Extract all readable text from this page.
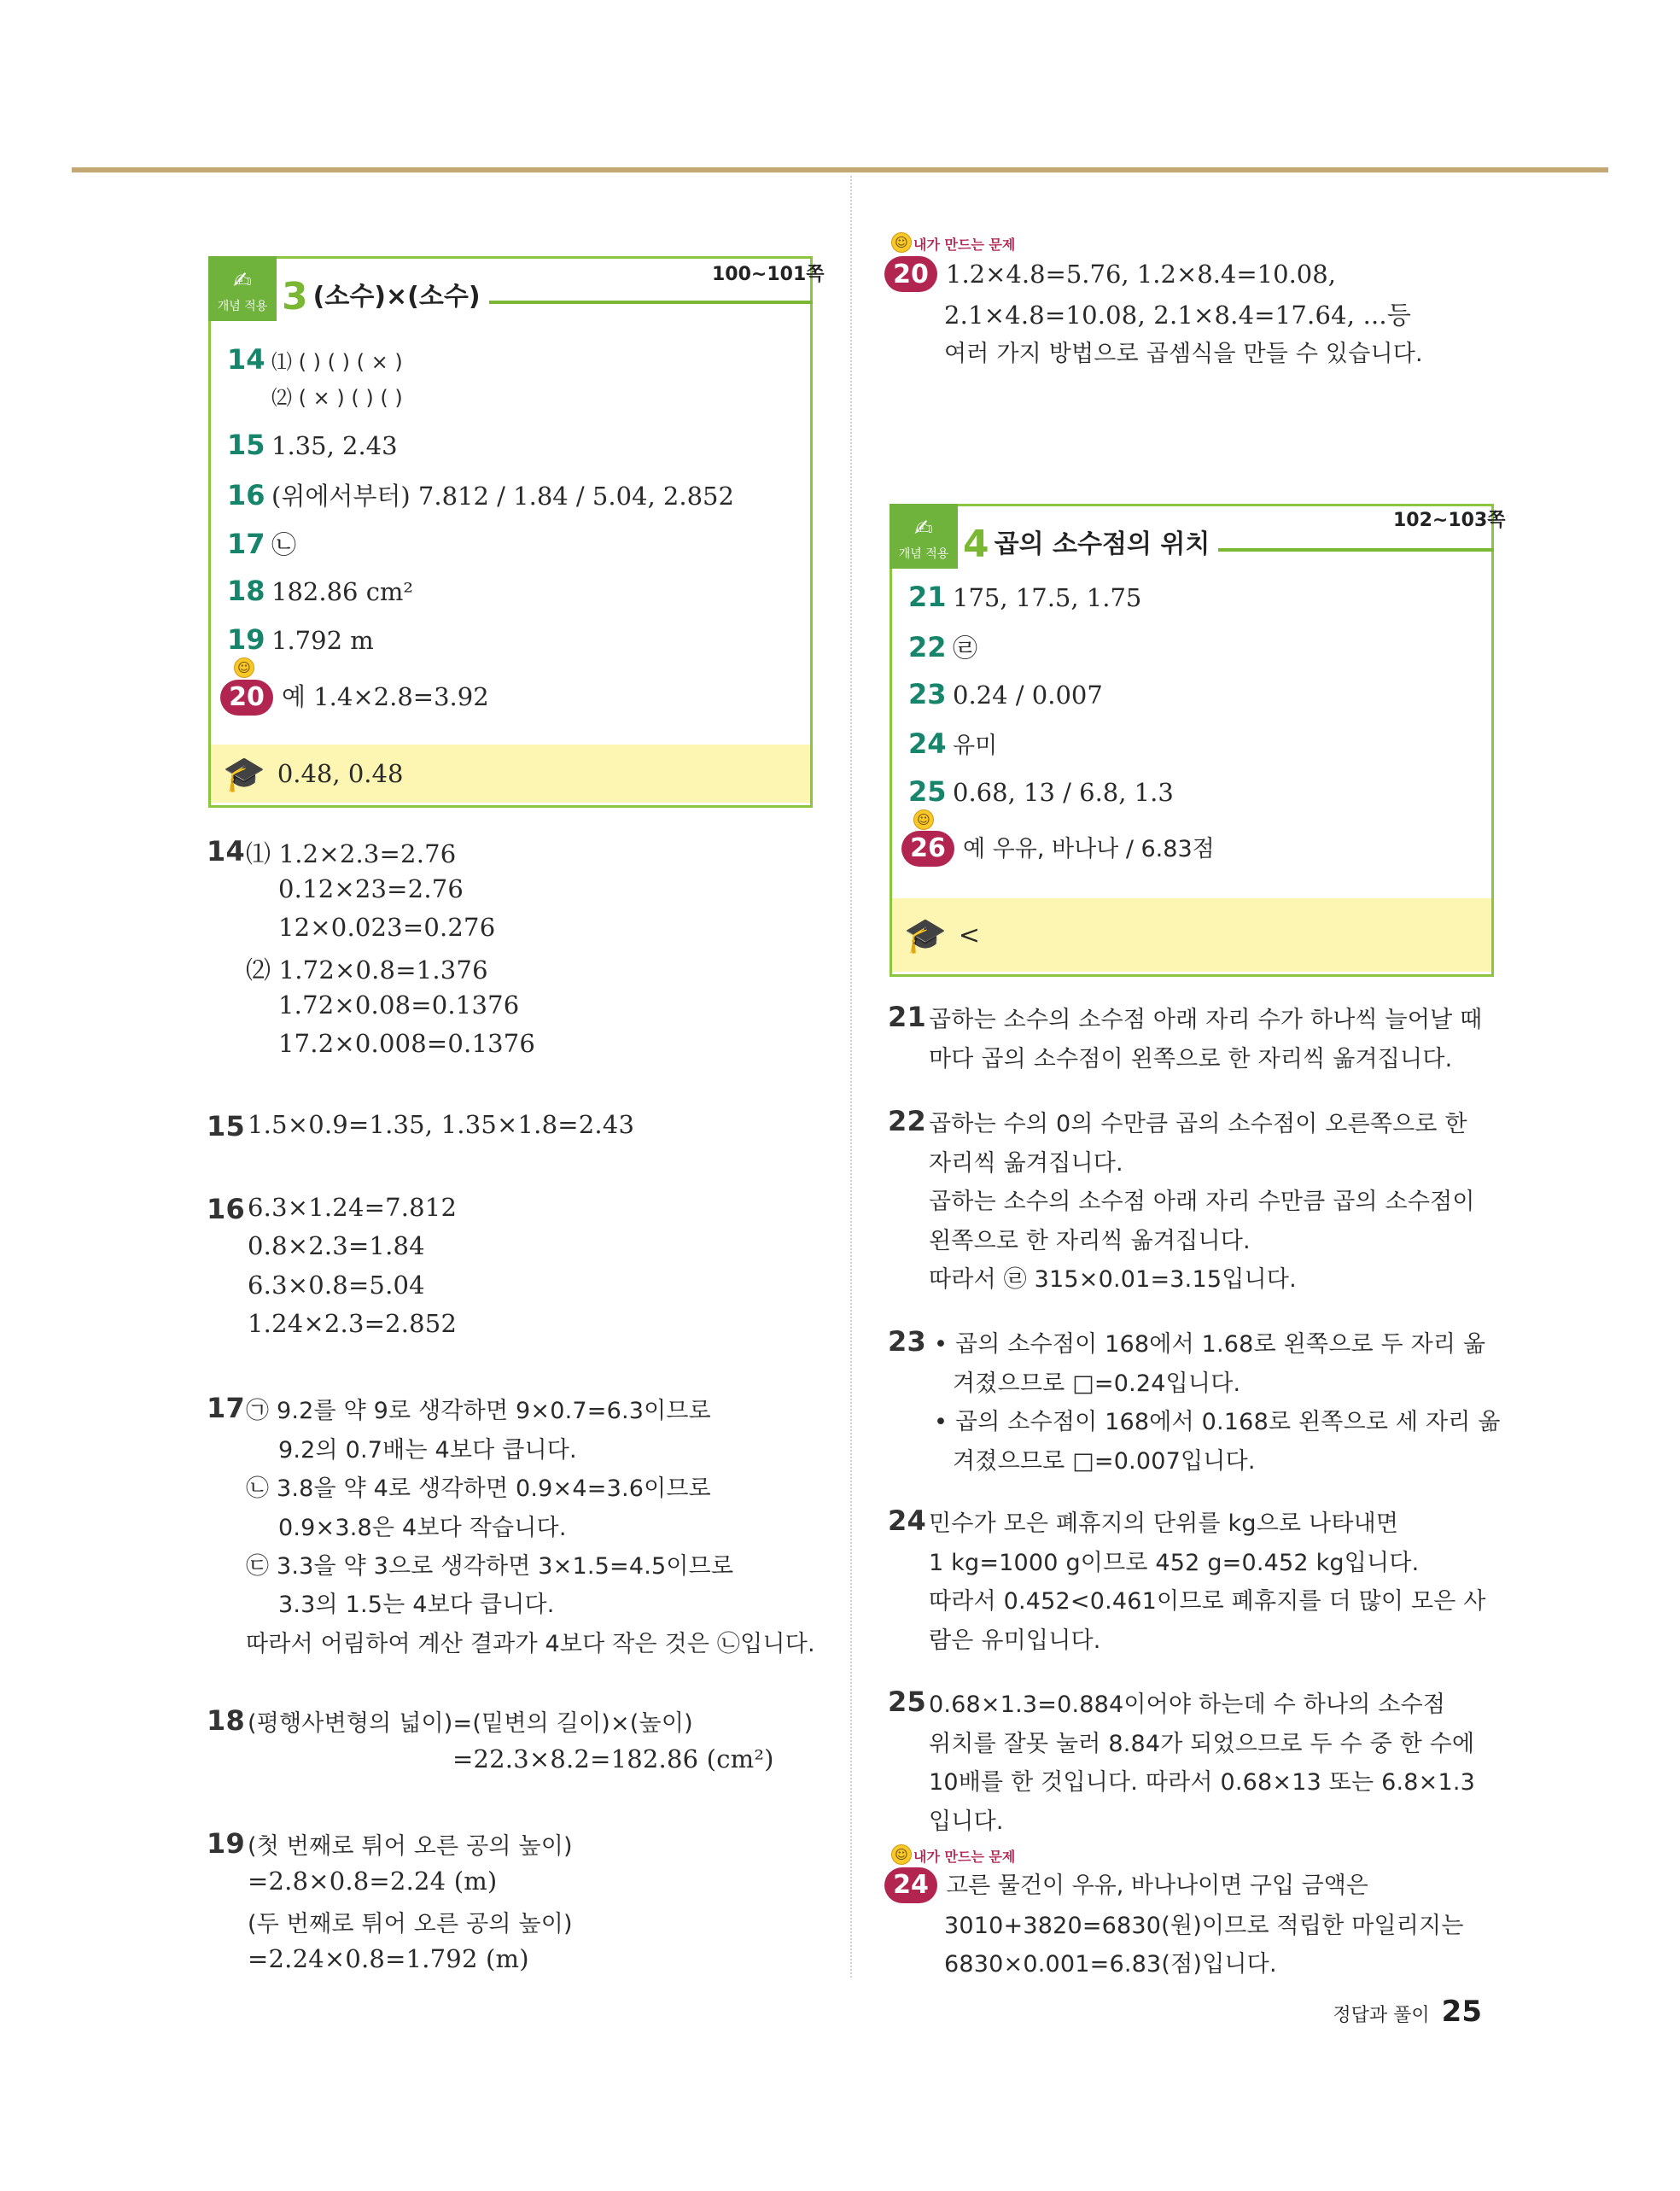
✍
개념 적용 3 (소수)×(소수)
100~101쪽
14 ⑴ ( ) ( ) ( × )
⑵ ( × ) ( ) ( )
15 1.35, 2.43
16 (위에서부터) 7.812 / 1.84 / 5.04, 2.852
17 ㉡
18 182.86 cm²
19 1.792 m
☺
20 예 1.4×2.8=3.92
🎓 0.48, 0.48
14 ⑴ 1.2×2.3=2.76
0.12×23=2.76
12×0.023=0.276
⑵ 1.72×0.8=1.376
1.72×0.08=0.1376
17.2×0.008=0.1376
15 1.5×0.9=1.35, 1.35×1.8=2.43
16 6.3×1.24=7.812
0.8×2.3=1.84
6.3×0.8=5.04
1.24×2.3=2.852
17 ㉠ 9.2를 약 9로 생각하면 9×0.7=6.3이므로
9.2의 0.7배는 4보다 큽니다.
㉡ 3.8을 약 4로 생각하면 0.9×4=3.6이므로
0.9×3.8은 4보다 작습니다.
㉢ 3.3을 약 3으로 생각하면 3×1.5=4.5이므로
3.3의 1.5는 4보다 큽니다.
따라서 어림하여 계산 결과가 4보다 작은 것은 ㉡입니다.
18 (평행사변형의 넓이)=(밑변의 길이)×(높이)
=22.3×8.2=182.86 (cm²)
19 (첫 번째로 튀어 오른 공의 높이)
=2.8×0.8=2.24 (m)
(두 번째로 튀어 오른 공의 높이)
=2.24×0.8=1.792 (m)
☺ 내가 만드는 문제
20 1.2×4.8=5.76, 1.2×8.4=10.08,
2.1×4.8=10.08, 2.1×8.4=17.64, ...등
여러 가지 방법으로 곱셈식을 만들 수 있습니다.
✍
개념 적용 4 곱의 소수점의 위치
102~103쪽
21 175, 17.5, 1.75
22 ㉣
23 0.24 / 0.007
24 유미
25 0.68, 13 / 6.8, 1.3
☺
26 예 우유, 바나나 / 6.83점
🎓 <
21 곱하는 소수의 소수점 아래 자리 수가 하나씩 늘어날 때
마다 곱의 소수점이 왼쪽으로 한 자리씩 옮겨집니다.
22 곱하는 수의 0의 수만큼 곱의 소수점이 오른쪽으로 한
자리씩 옮겨집니다.
곱하는 소수의 소수점 아래 자리 수만큼 곱의 소수점이
왼쪽으로 한 자리씩 옮겨집니다.
따라서 ㉣ 315×0.01=3.15입니다.
23 • 곱의 소수점이 168에서 1.68로 왼쪽으로 두 자리 옮
겨졌으므로 □=0.24입니다.
• 곱의 소수점이 168에서 0.168로 왼쪽으로 세 자리 옮
겨졌으므로 □=0.007입니다.
24 민수가 모은 폐휴지의 단위를 kg으로 나타내면
1 kg=1000 g이므로 452 g=0.452 kg입니다.
따라서 0.452<0.461이므로 폐휴지를 더 많이 모은 사
람은 유미입니다.
25 0.68×1.3=0.884이어야 하는데 수 하나의 소수점
위치를 잘못 눌러 8.84가 되었으므로 두 수 중 한 수에
10배를 한 것입니다. 따라서 0.68×13 또는 6.8×1.3
입니다.
☺ 내가 만드는 문제
24 고른 물건이 우유, 바나나이면 구입 금액은
3010+3820=6830(원)이므로 적립한 마일리지는
6830×0.001=6.83(점)입니다.
정답과 풀이 25
